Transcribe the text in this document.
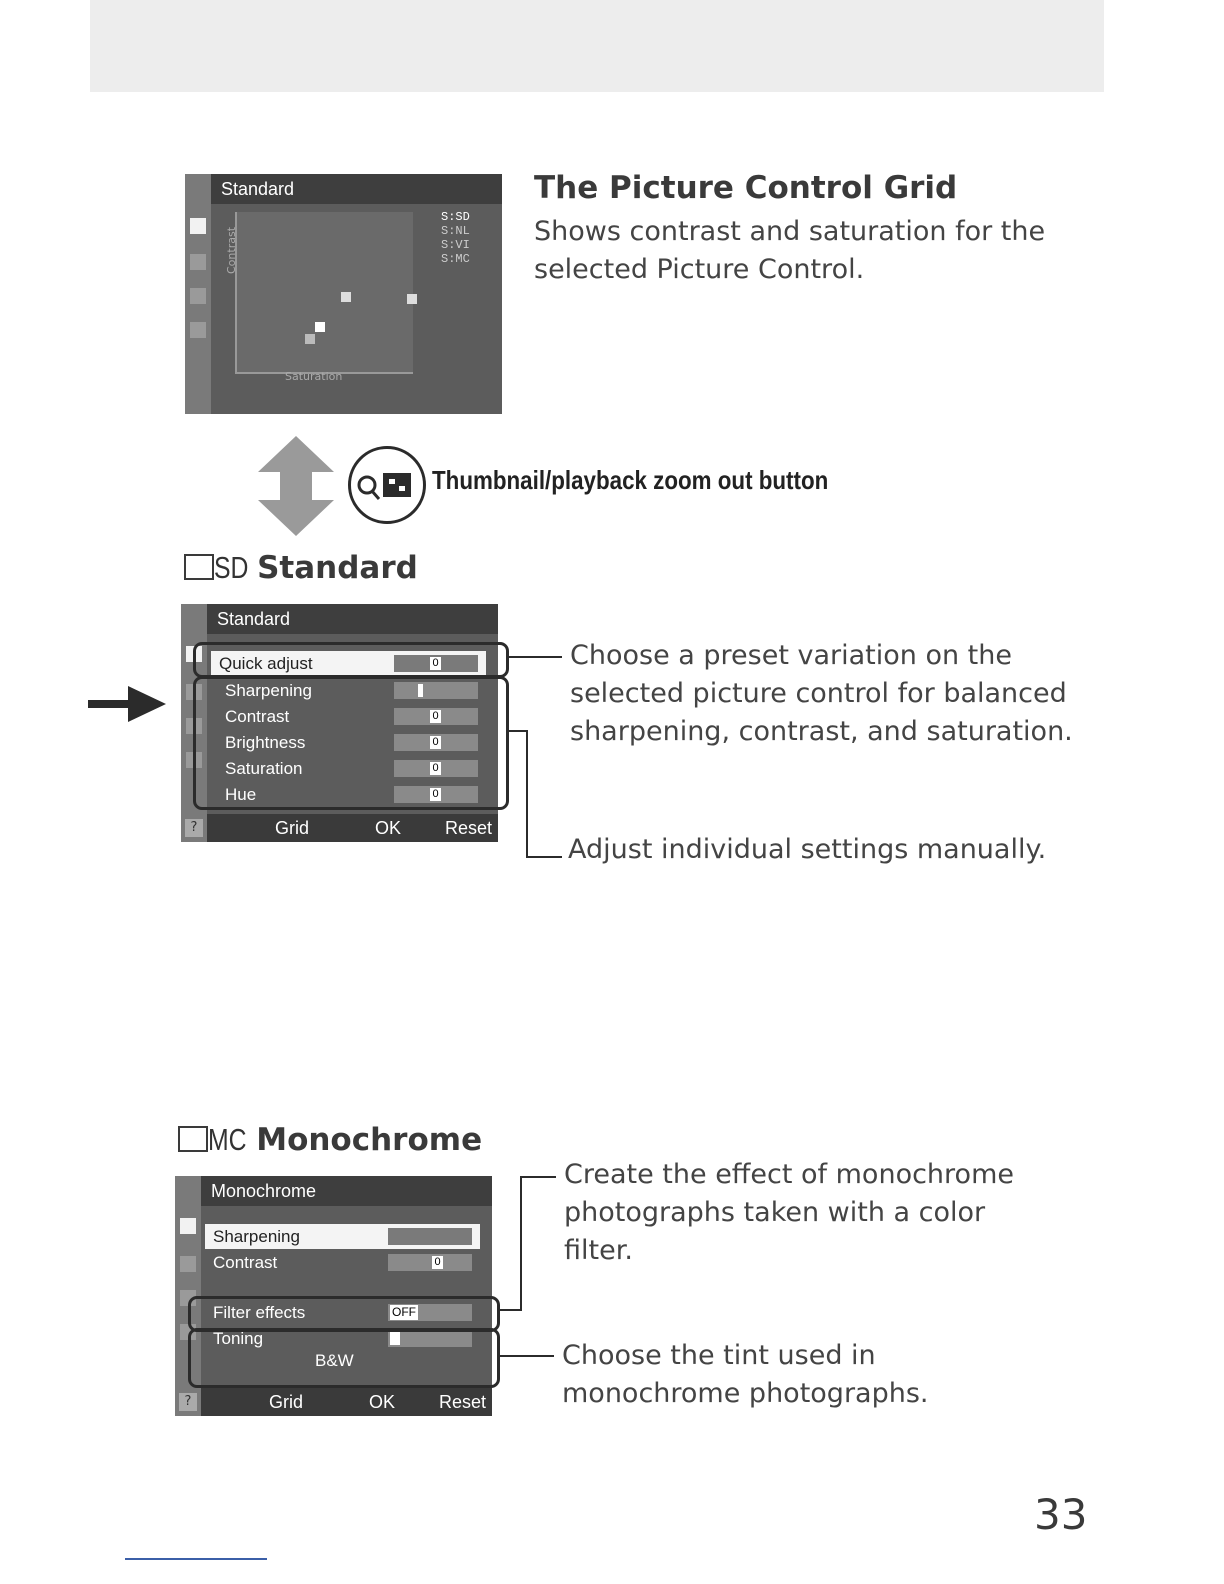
Standard
Contrast
Saturation
S:SD
S:NL
S:VI
S:MC
The Picture Control Grid
Shows contrast and saturation for the selected Picture Control.
Thumbnail/playback zoom out button
SD Standard
Standard
Quick adjust	0
Sharpening
Contrast	0
Brightness	0
Saturation	0
Hue	0
?	Grid	OK Reset
Choose a preset variation on the selected picture control for balanced sharpening, contrast, and saturation.
Adjust individual settings manually.
MC Monochrome
Monochrome
Sharpening
Contrast	0
Filter effects	OFF
Toning
B&W
?	Grid	OK Reset
Create the effect of monochrome photographs taken with a color filter.
Choose the tint used in monochrome photographs.
33
